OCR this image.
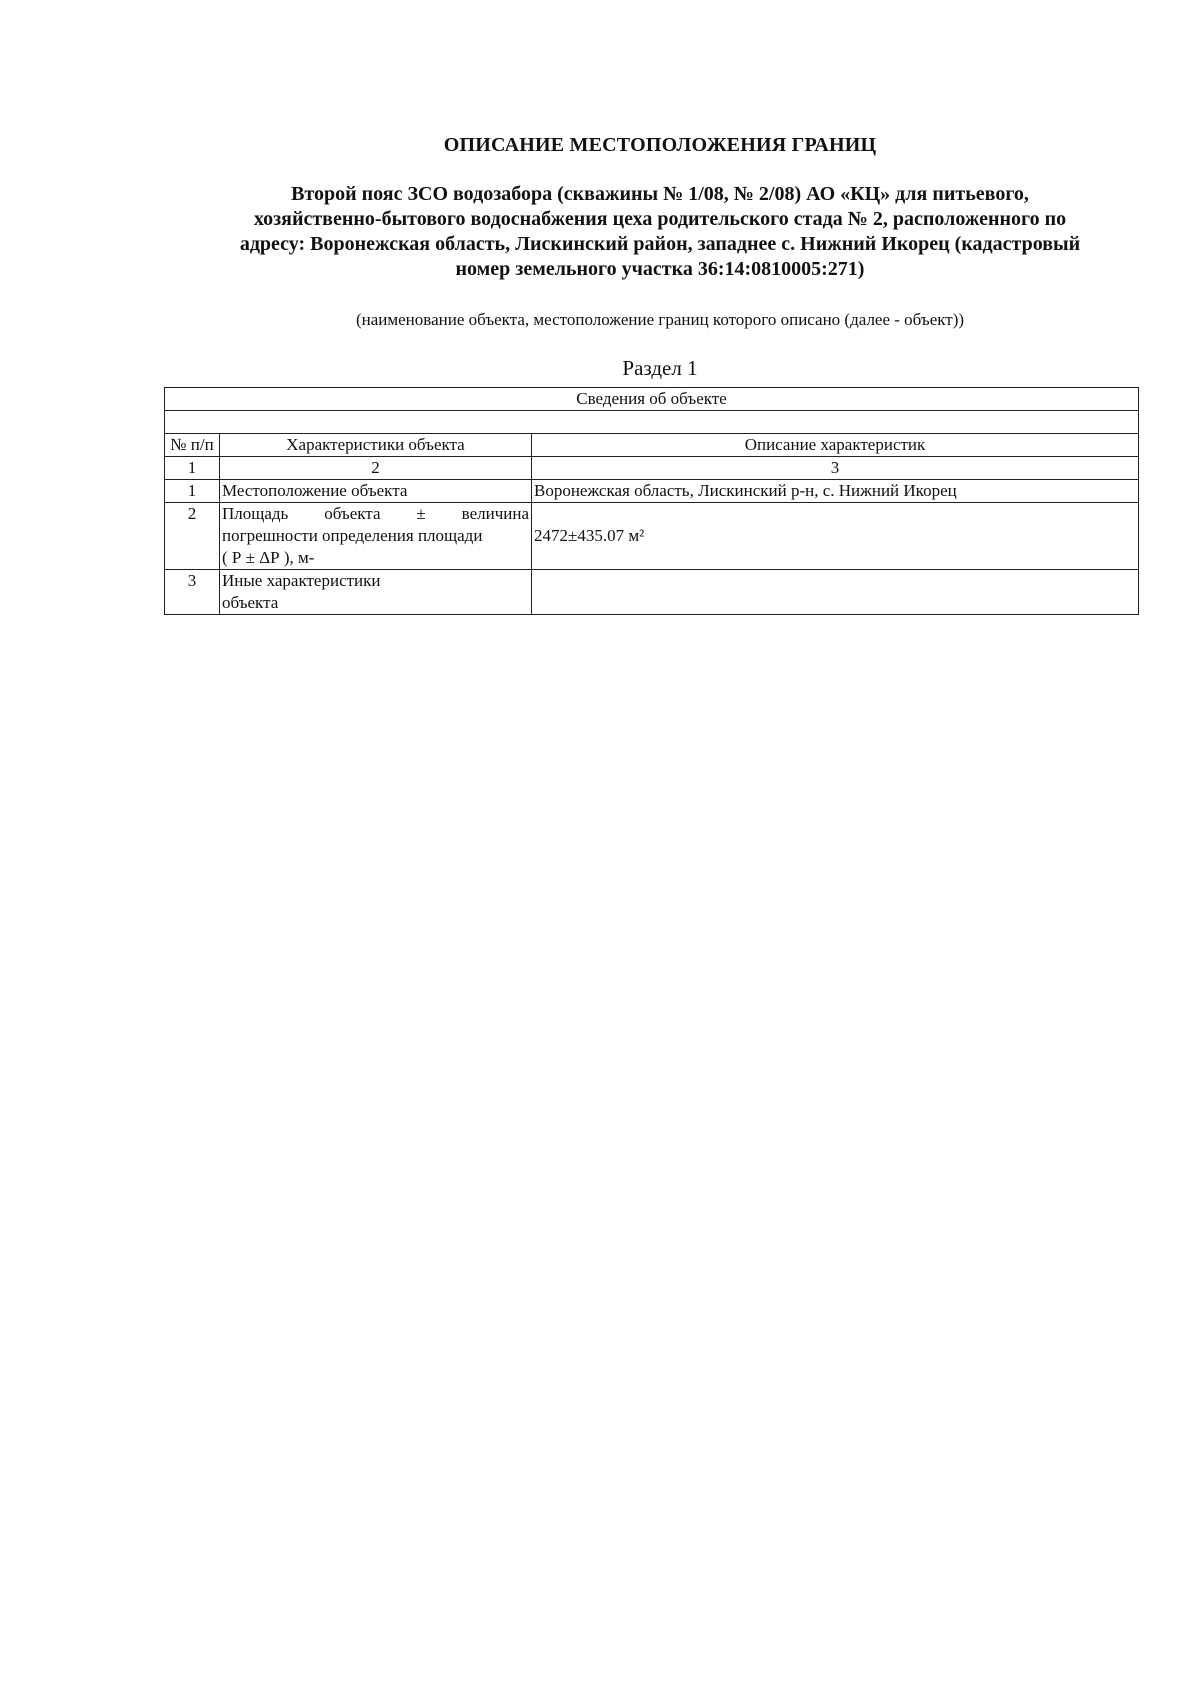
ОПИСАНИЕ МЕСТОПОЛОЖЕНИЯ ГРАНИЦ
Второй пояс ЗСО водозабора (скважины № 1/08, № 2/08) АО «КЦ» для питьевого,
хозяйственно-бытового водоснабжения цеха родительского стада № 2, расположенного по
адресу: Воронежская область, Лискинский район, западнее с. Нижний Икорец (кадастровый
номер земельного участка 36:14:0810005:271)
(наименование объекта, местоположение границ которого описано (далее - объект))
Раздел 1
Сведения об объекте		

№ п/п	Характеристики объекта	Описание характеристик
1	2	3
1	Местоположение объекта	Воронежская область, Лискинский р-н, с. Нижний Икорец
2	Площадь объекта ± величина
погрешности определения площади
( Р ± ΔР ), м-	2472±435.07 м²
3	Иные характеристики
объекта	
